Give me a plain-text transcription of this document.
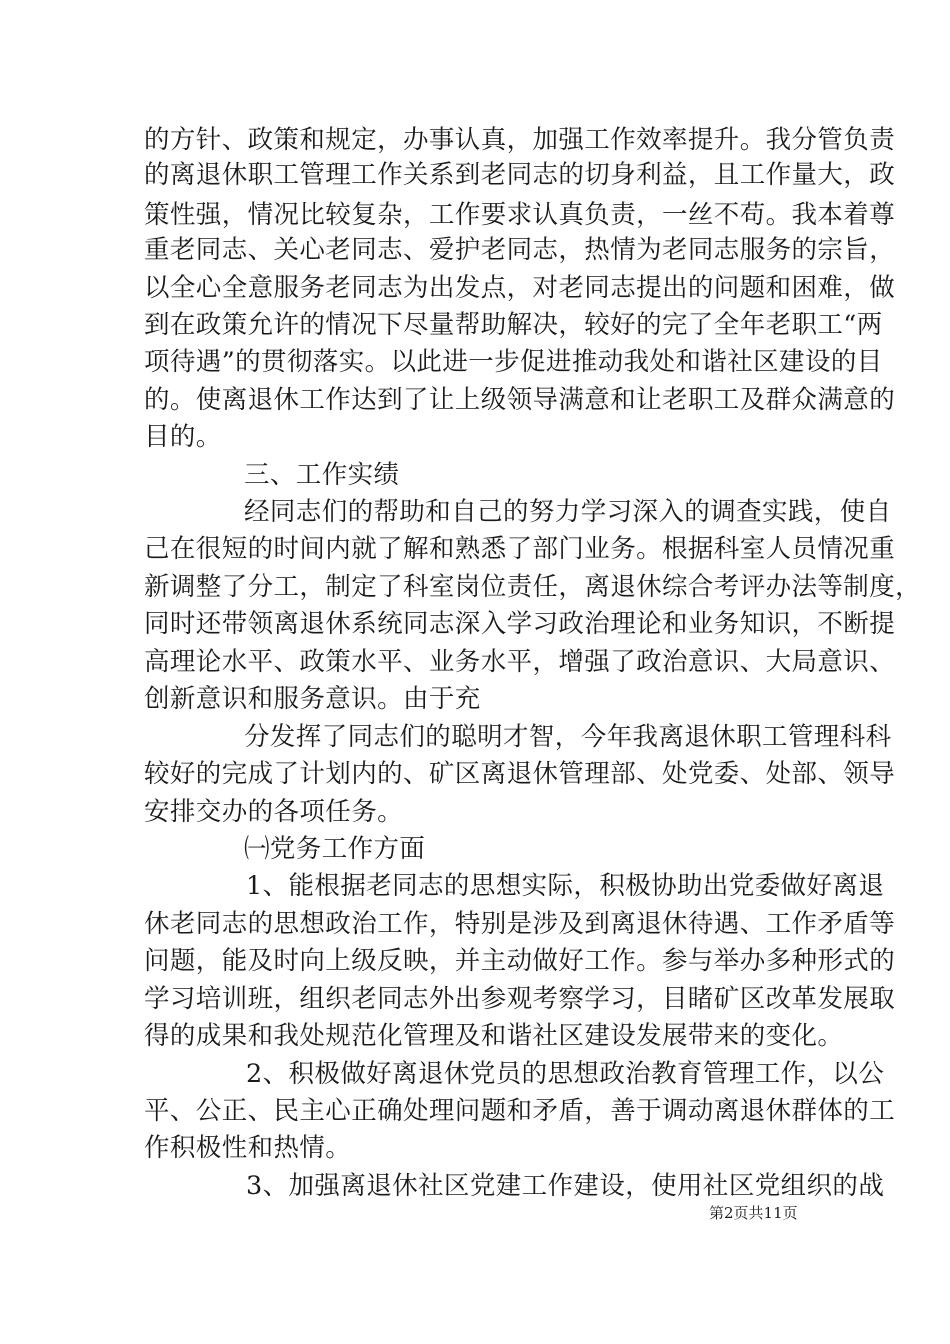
的方针、政策和规定，办事认真，加强工作效率提升。我分管负责
的离退休职工管理工作关系到老同志的切身利益，且工作量大，政
策性强，情况比较复杂，工作要求认真负责，一丝不苟。我本着尊
重老同志、关心老同志、爱护老同志，热情为老同志服务的宗旨，
以全心全意服务老同志为出发点，对老同志提出的问题和困难，做
到在政策允许的情况下尽量帮助解决，较好的完了全年老职工“两
项待遇”的贯彻落实。以此进一步促进推动我处和谐社区建设的目
的。使离退休工作达到了让上级领导满意和让老职工及群众满意的
目的。
三、工作实绩
经同志们的帮助和自己的努力学习深入的调查实践，使自
己在很短的时间内就了解和熟悉了部门业务。根据科室人员情况重
新调整了分工，制定了科室岗位责任，离退休综合考评办法等制度，
同时还带领离退休系统同志深入学习政治理论和业务知识，不断提
高理论水平、政策水平、业务水平，增强了政治意识、大局意识、
创新意识和服务意识。由于充
分发挥了同志们的聪明才智，今年我离退休职工管理科科
较好的完成了计划内的、矿区离退休管理部、处党委、处部、领导
安排交办的各项任务。
㈠党务工作方面
1、能根据老同志的思想实际，积极协助出党委做好离退
休老同志的思想政治工作，特别是涉及到离退休待遇、工作矛盾等
问题，能及时向上级反映，并主动做好工作。参与举办多种形式的
学习培训班，组织老同志外出参观考察学习，目睹矿区改革发展取
得的成果和我处规范化管理及和谐社区建设发展带来的变化。
2、积极做好离退休党员的思想政治教育管理工作，以公
平、公正、民主心正确处理问题和矛盾，善于调动离退休群体的工
作积极性和热情。
3、加强离退休社区党建工作建设，使用社区党组织的战
第2页共11页
